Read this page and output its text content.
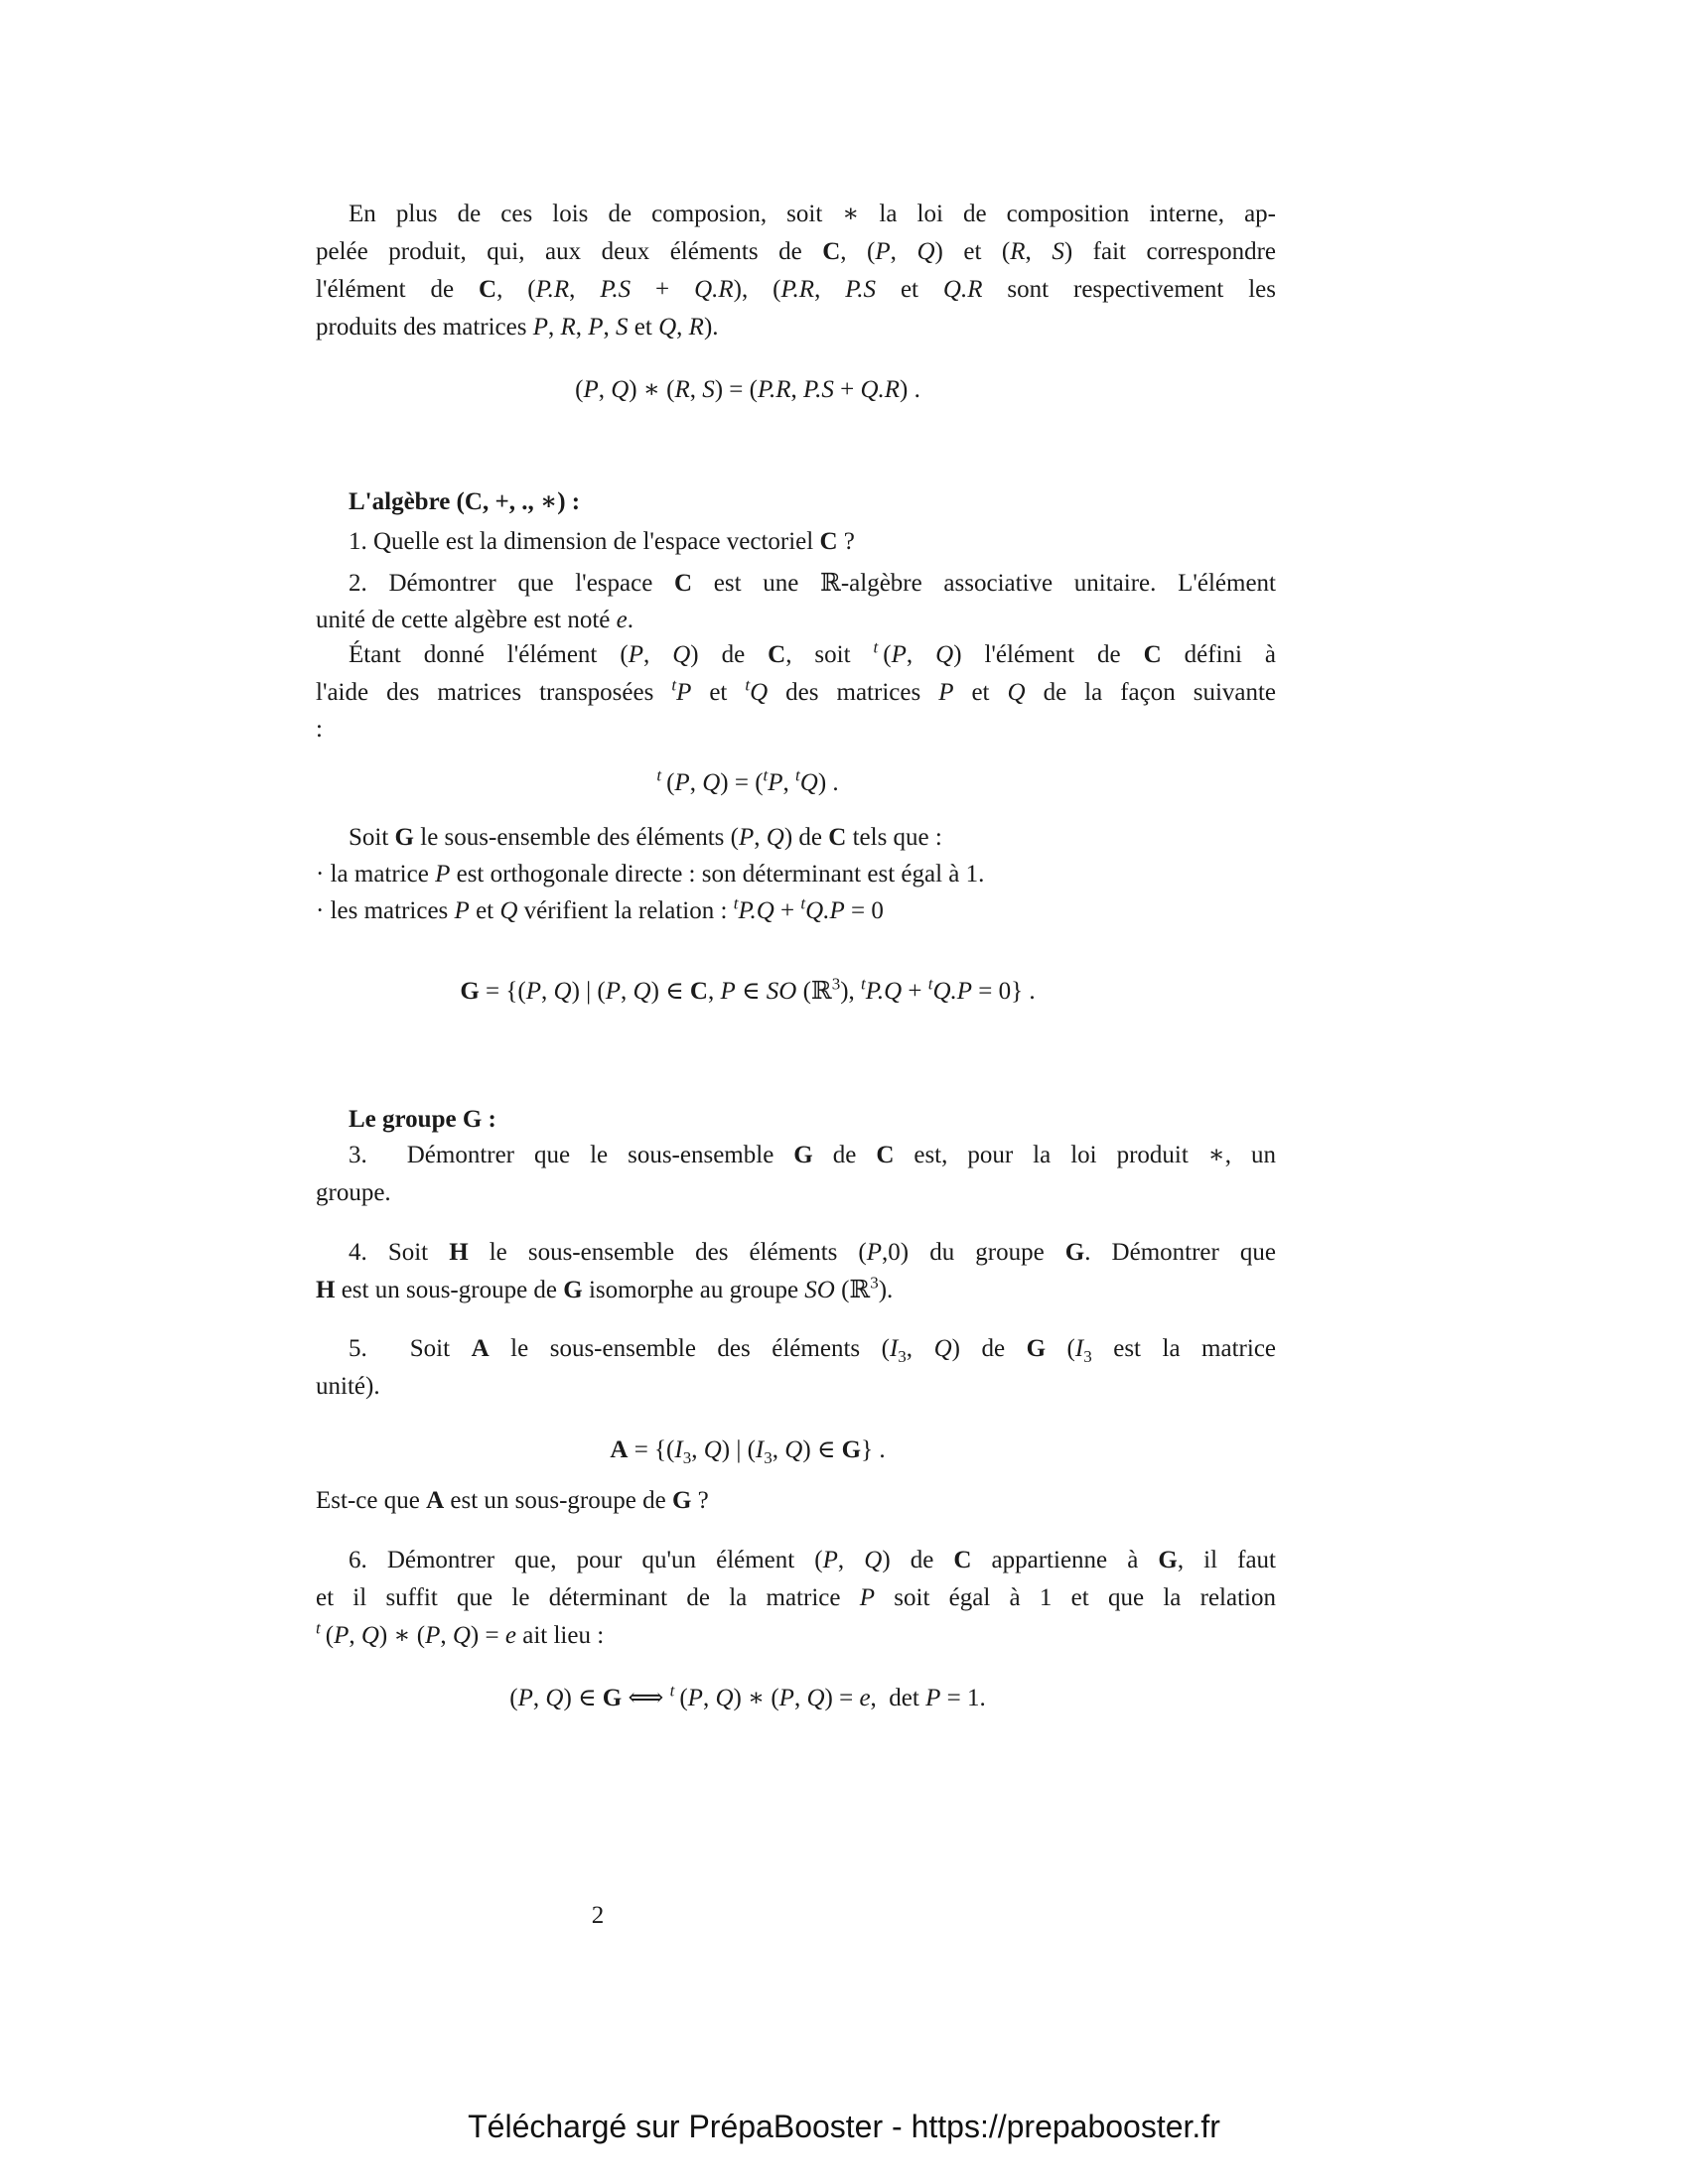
En plus de ces lois de composion, soit ∗ la loi de composition interne, ap-
pelée produit, qui, aux deux éléments de C, (P, Q) et (R, S) fait correspondre
l'élément de C, (P.R, P.S + Q.R), (P.R, P.S et Q.R sont respectivement les
produits des matrices P, R, P, S et Q, R).
(P, Q) ∗ (R, S) = (P.R, P.S + Q.R) .
L'algèbre (C, +, ., ∗) :
1. Quelle est la dimension de l'espace vectoriel C ?
2. Démontrer que l'espace C est une ℝ-algèbre associative unitaire. L'élément
unité de cette algèbre est noté e.
Étant donné l'élément (P, Q) de C, soit $^t$ (P, Q) l'élément de C défini à
l'aide des matrices transposées $^t$P et $^t$Q des matrices P et Q de la façon suivante
:
$^t$ (P, Q) = ($^t$P, $^t$Q) .
Soit G le sous-ensemble des éléments (P, Q) de C tels que :
· la matrice P est orthogonale directe : son déterminant est égal à 1.
· les matrices P et Q vérifient la relation : $^t$P.Q + $^t$Q.P = 0
G = {(P, Q) | (P, Q) ∈ C, P ∈ SO (ℝ$^3$), $^t$P.Q + $^t$Q.P = 0} .
Le groupe G :
3.  Démontrer que le sous-ensemble G de C est, pour la loi produit ∗, un
groupe.
4. Soit H le sous-ensemble des éléments (P,0) du groupe G. Démontrer que
H est un sous-groupe de G isomorphe au groupe SO (ℝ$^3$).
5.  Soit A le sous-ensemble des éléments ($I_3$, Q) de G ($I_3$ est la matrice
unité).
$A = \{(I_3$, Q) | ($I_3$, Q) ∈ G} .
Est-ce que A est un sous-groupe de G ?
6. Démontrer que, pour qu'un élément (P, Q) de C appartienne à G, il faut
et il suffit que le déterminant de la matrice P soit égal à 1 et que la relation
$^t$ (P, Q) ∗ (P, Q) = e ait lieu :
(P, Q) ∈ G ⟺ $^t$ (P, Q) ∗ (P, Q) = e,  det P = 1.
2
Téléchargé sur PrépaBooster - https://prepabooster.fr
